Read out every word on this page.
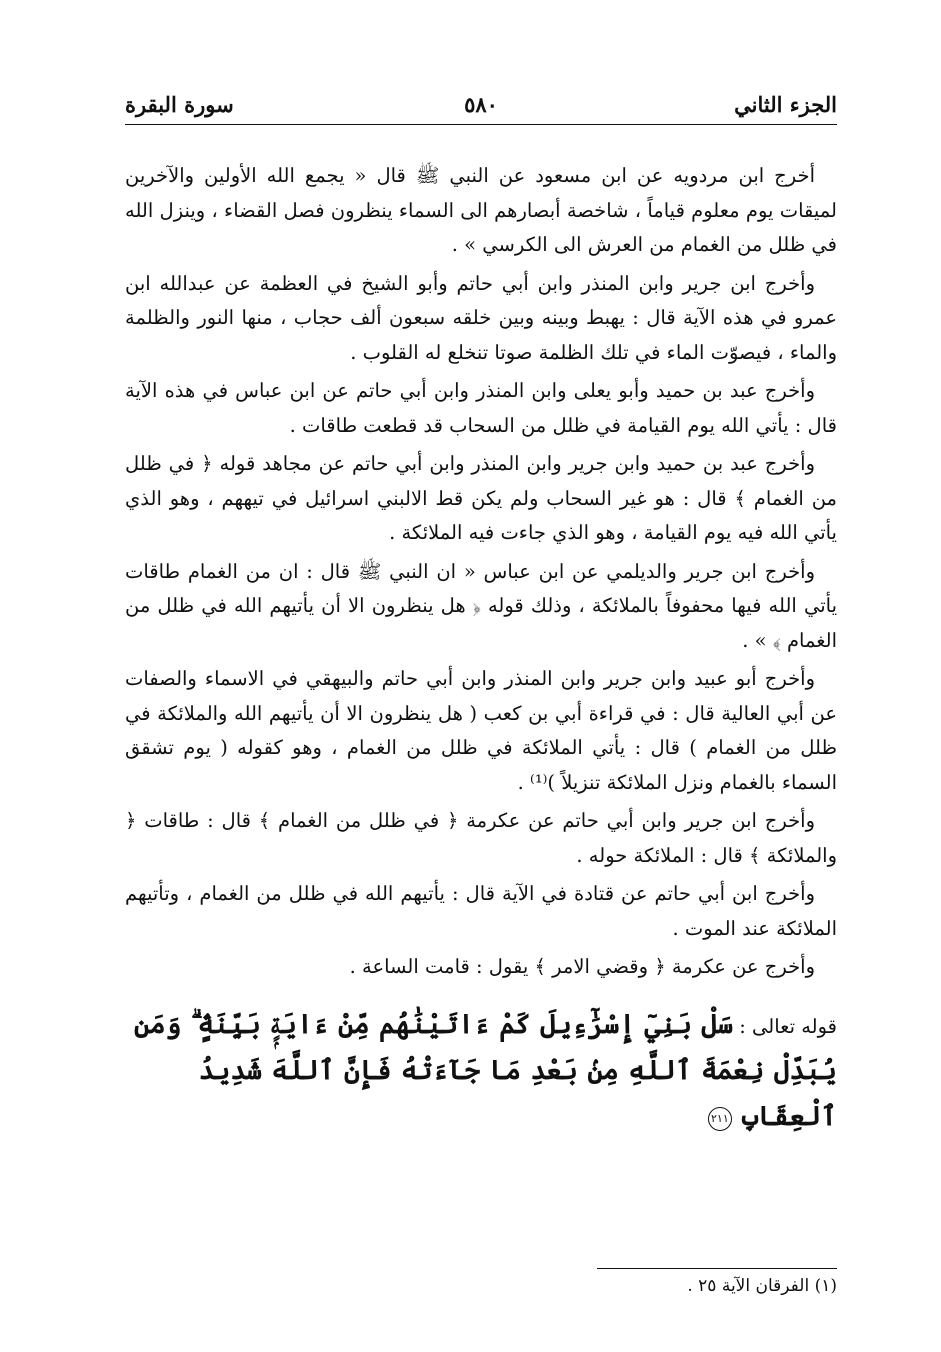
الجزء الثاني
٥٨٠
سورة البقرة

أخرج ابن مردويه عن ابن مسعود عن النبي ﷺ قال « يجمع الله الأولين والآخرين لميقات يوم معلوم قياماً ، شاخصة أبصارهم الى السماء ينظرون فصل القضاء ، وينزل الله في ظلل من الغمام من العرش الى الكرسي » .

وأخرج ابن جرير وابن المنذر وابن أبي حاتم وأبو الشيخ في العظمة عن عبدالله ابن عمرو في هذه الآية قال : يهبط وبينه وبين خلقه سبعون ألف حجاب ، منها النور والظلمة والماء ، فيصوّت الماء في تلك الظلمة صوتا تنخلع له القلوب .

وأخرج عبد بن حميد وأبو يعلى وابن المنذر وابن أبي حاتم عن ابن عباس في هذه الآية قال : يأتي الله يوم القيامة في ظلل من السحاب قد قطعت طاقات .

وأخرج عبد بن حميد وابن جرير وابن المنذر وابن أبي حاتم عن مجاهد قوله ﴿ في ظلل من الغمام ﴾ قال : هو غير السحاب ولم يكن قط الالبني اسرائيل في تيههم ، وهو الذي يأتي الله فيه يوم القيامة ، وهو الذي جاءت فيه الملائكة .

وأخرج ابن جرير والديلمي عن ابن عباس « ان النبي ﷺ قال : ان من الغمام طاقات يأتي الله فيها محفوفاً بالملائكة ، وذلك قوله ﴿ هل ينظرون الا أن يأتيهم الله في ظلل من الغمام ﴾ » .

وأخرج أبو عبيد وابن جرير وابن المنذر وابن أبي حاتم والبيهقي في الاسماء والصفات عن أبي العالية قال : في قراءة أبي بن كعب ( هل ينظرون الا أن يأتيهم الله والملائكة في ظلل من الغمام ) قال : يأتي الملائكة في ظلل من الغمام ، وهو كقوله ( يوم تشقق السماء بالغمام ونزل الملائكة تنزيلاً )⁽¹⁾ .

وأخرج ابن جرير وابن أبي حاتم عن عكرمة ﴿ في ظلل من الغمام ﴾ قال : طاقات ﴿ والملائكة ﴾ قال : الملائكة حوله .

وأخرج ابن أبي حاتم عن قتادة في الآية قال : يأتيهم الله في ظلل من الغمام ، وتأتيهم الملائكة عند الموت .

وأخرج عن عكرمة ﴿ وقضي الامر ﴾ يقول : قامت الساعة .

قوله تعالى : سَلْ بَنِيٓ إِسْرَٰٓءِيلَ كَمْ ءَاتَيْنَٰهُم مِّنْ ءَايَةٍۭ بَيِّنَةٍۢ ۗ وَمَن يُبَدِّلْ نِعْمَةَ ٱللَّهِ مِنۢ بَعْدِ مَا جَآءَتْهُ فَإِنَّ ٱللَّهَ شَدِيدُ ٱلْعِقَابِ ٢١١
(١) الفرقان الآية ٢٥ .
